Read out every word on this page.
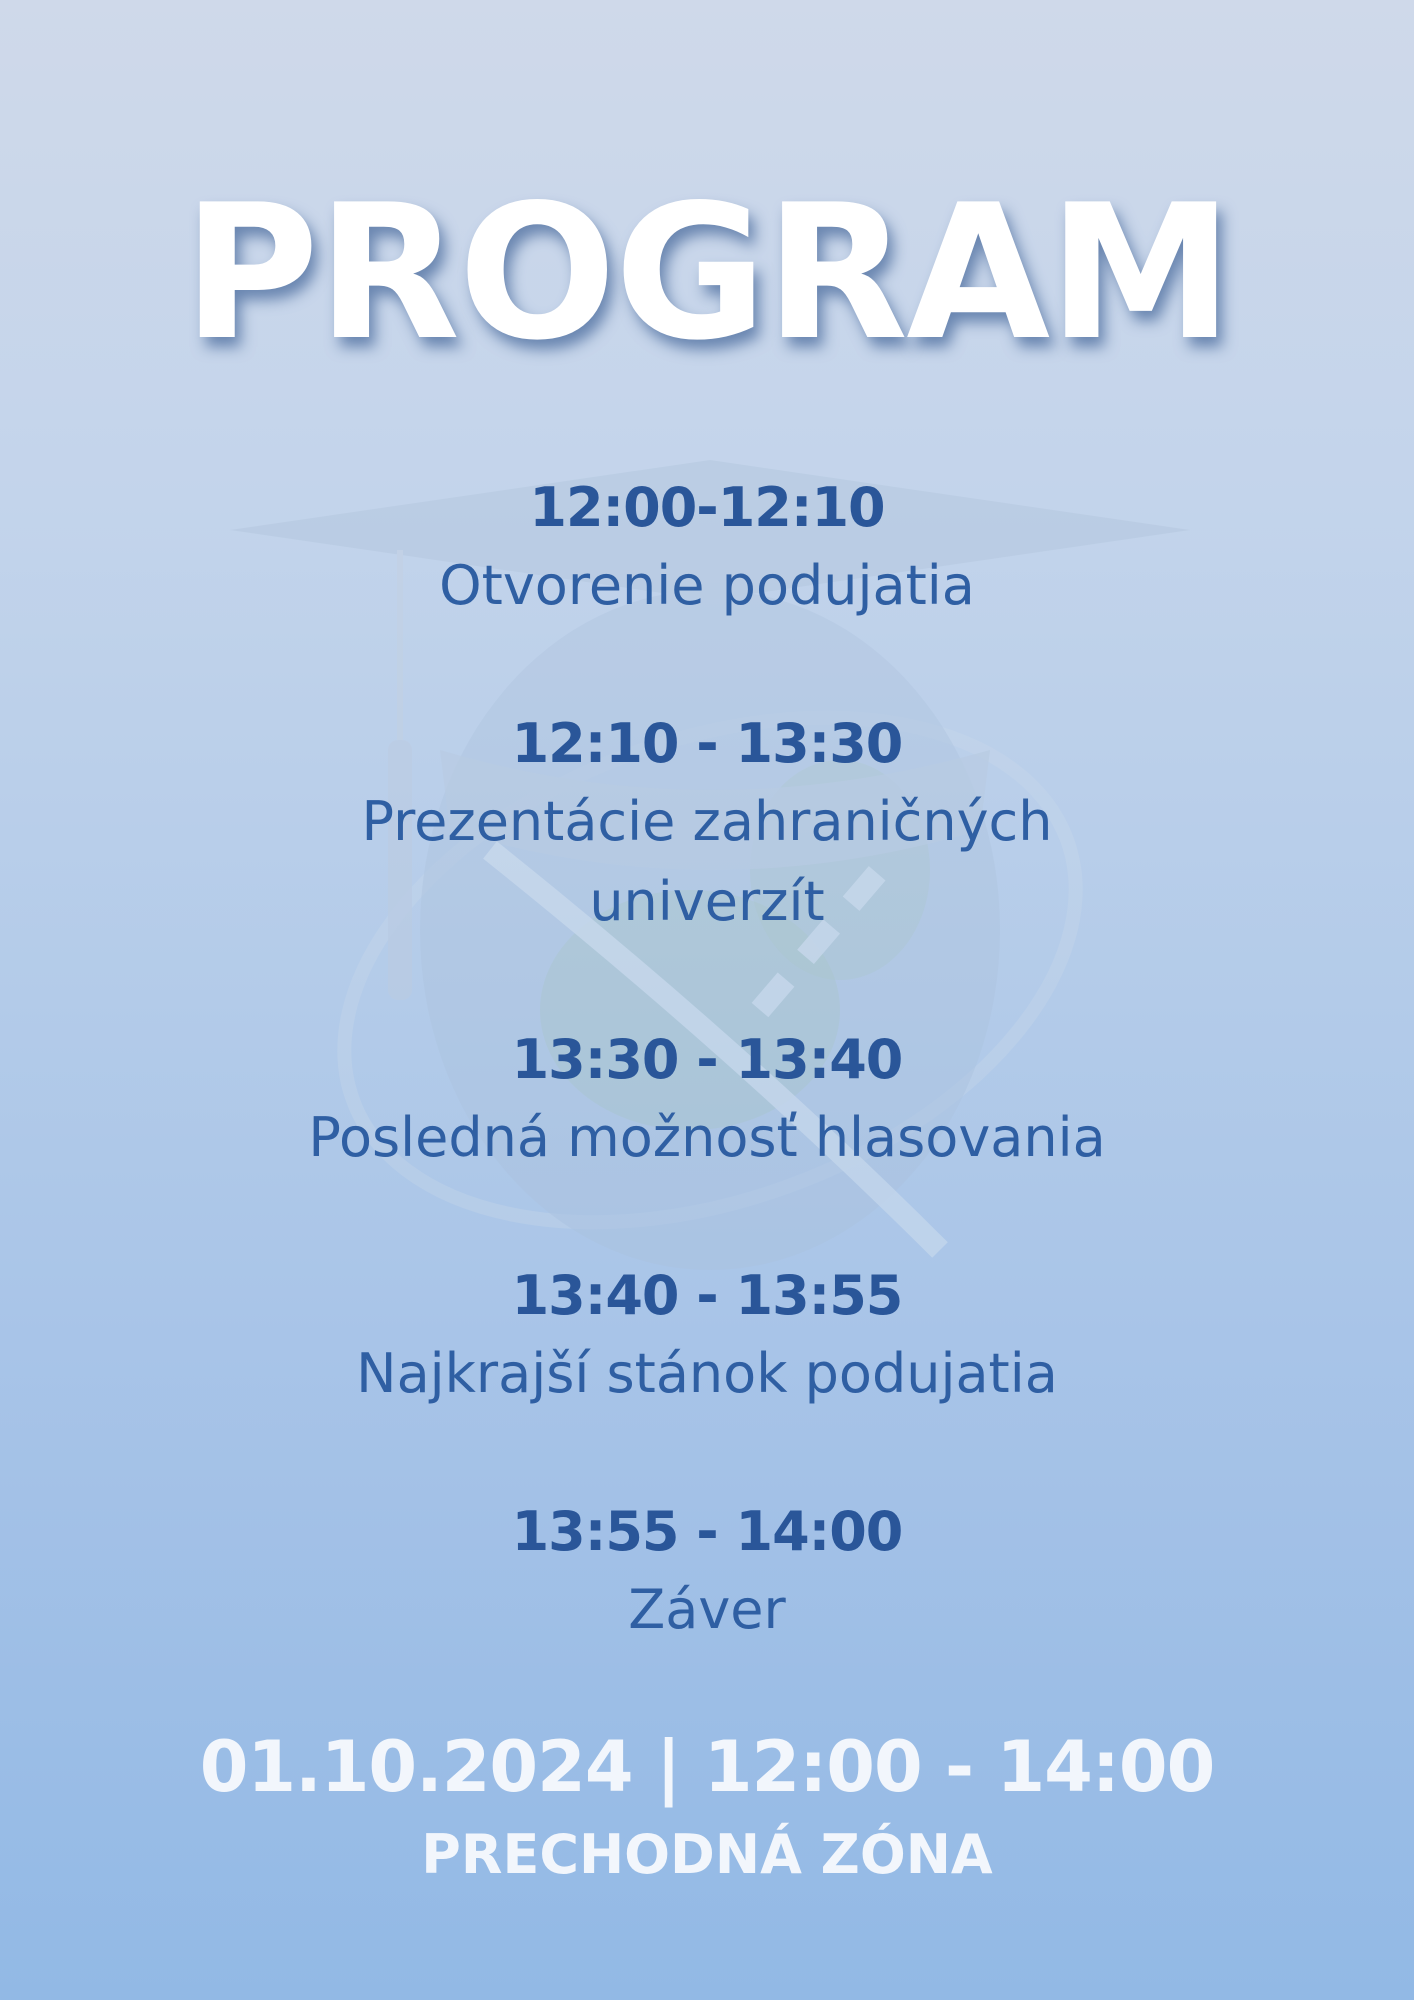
PROGRAM
12:00-12:10
Otvorenie podujatia
12:10 - 13:30
Prezentácie zahraničných univerzít
13:30 - 13:40
Posledná možnosť hlasovania
13:40 - 13:55
Najkrajší stánok podujatia
13:55 - 14:00
Záver
01.10.2024 | 12:00 - 14:00
PRECHODNÁ ZÓNA
